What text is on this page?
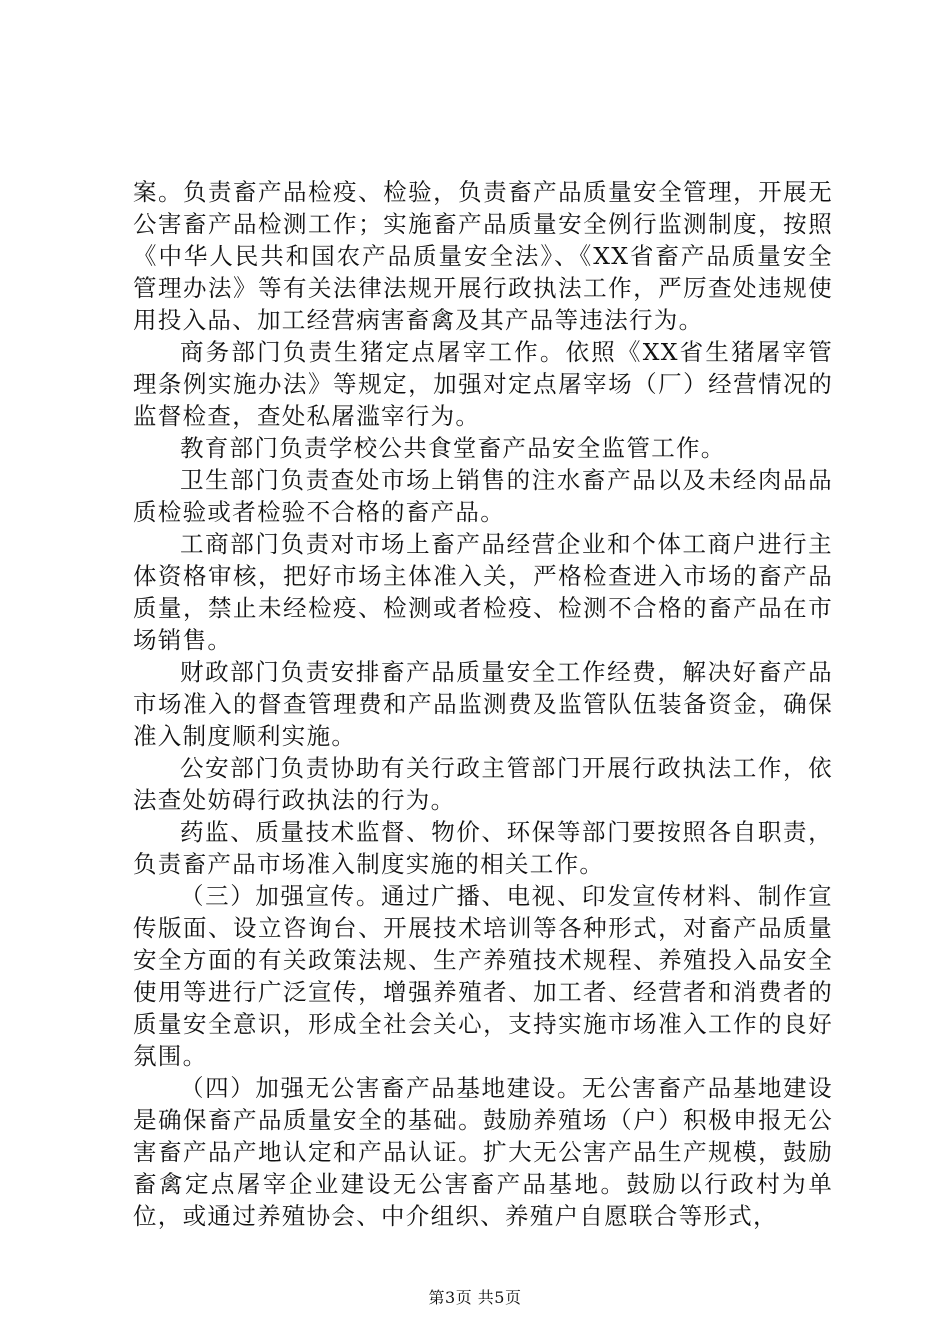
案。负责畜产品检疫、检验，负责畜产品质量安全管理，开展无公害畜产品检测工作；实施畜产品质量安全例行监测制度，按照《中华人民共和国农产品质量安全法》、《XX省畜产品质量安全管理办法》等有关法律法规开展行政执法工作，严厉查处违规使用投入品、加工经营病害畜禽及其产品等违法行为。

商务部门负责生猪定点屠宰工作。依照《XX省生猪屠宰管理条例实施办法》等规定，加强对定点屠宰场（厂）经营情况的监督检查，查处私屠滥宰行为。

教育部门负责学校公共食堂畜产品安全监管工作。

卫生部门负责查处市场上销售的注水畜产品以及未经肉品品质检验或者检验不合格的畜产品。

工商部门负责对市场上畜产品经营企业和个体工商户进行主体资格审核，把好市场主体准入关，严格检查进入市场的畜产品质量，禁止未经检疫、检测或者检疫、检测不合格的畜产品在市场销售。

财政部门负责安排畜产品质量安全工作经费，解决好畜产品市场准入的督查管理费和产品监测费及监管队伍装备资金，确保准入制度顺利实施。

公安部门负责协助有关行政主管部门开展行政执法工作，依法查处妨碍行政执法的行为。

药监、质量技术监督、物价、环保等部门要按照各自职责，负责畜产品市场准入制度实施的相关工作。

（三）加强宣传。通过广播、电视、印发宣传材料、制作宣传版面、设立咨询台、开展技术培训等各种形式，对畜产品质量安全方面的有关政策法规、生产养殖技术规程、养殖投入品安全使用等进行广泛宣传，增强养殖者、加工者、经营者和消费者的质量安全意识，形成全社会关心，支持实施市场准入工作的良好氛围。

（四）加强无公害畜产品基地建设。无公害畜产品基地建设是确保畜产品质量安全的基础。鼓励养殖场（户）积极申报无公害畜产品产地认定和产品认证。扩大无公害产品生产规模，鼓励畜禽定点屠宰企业建设无公害畜产品基地。鼓励以行政村为单位，或通过养殖协会、中介组织、养殖户自愿联合等形式，

第3页 共5页
